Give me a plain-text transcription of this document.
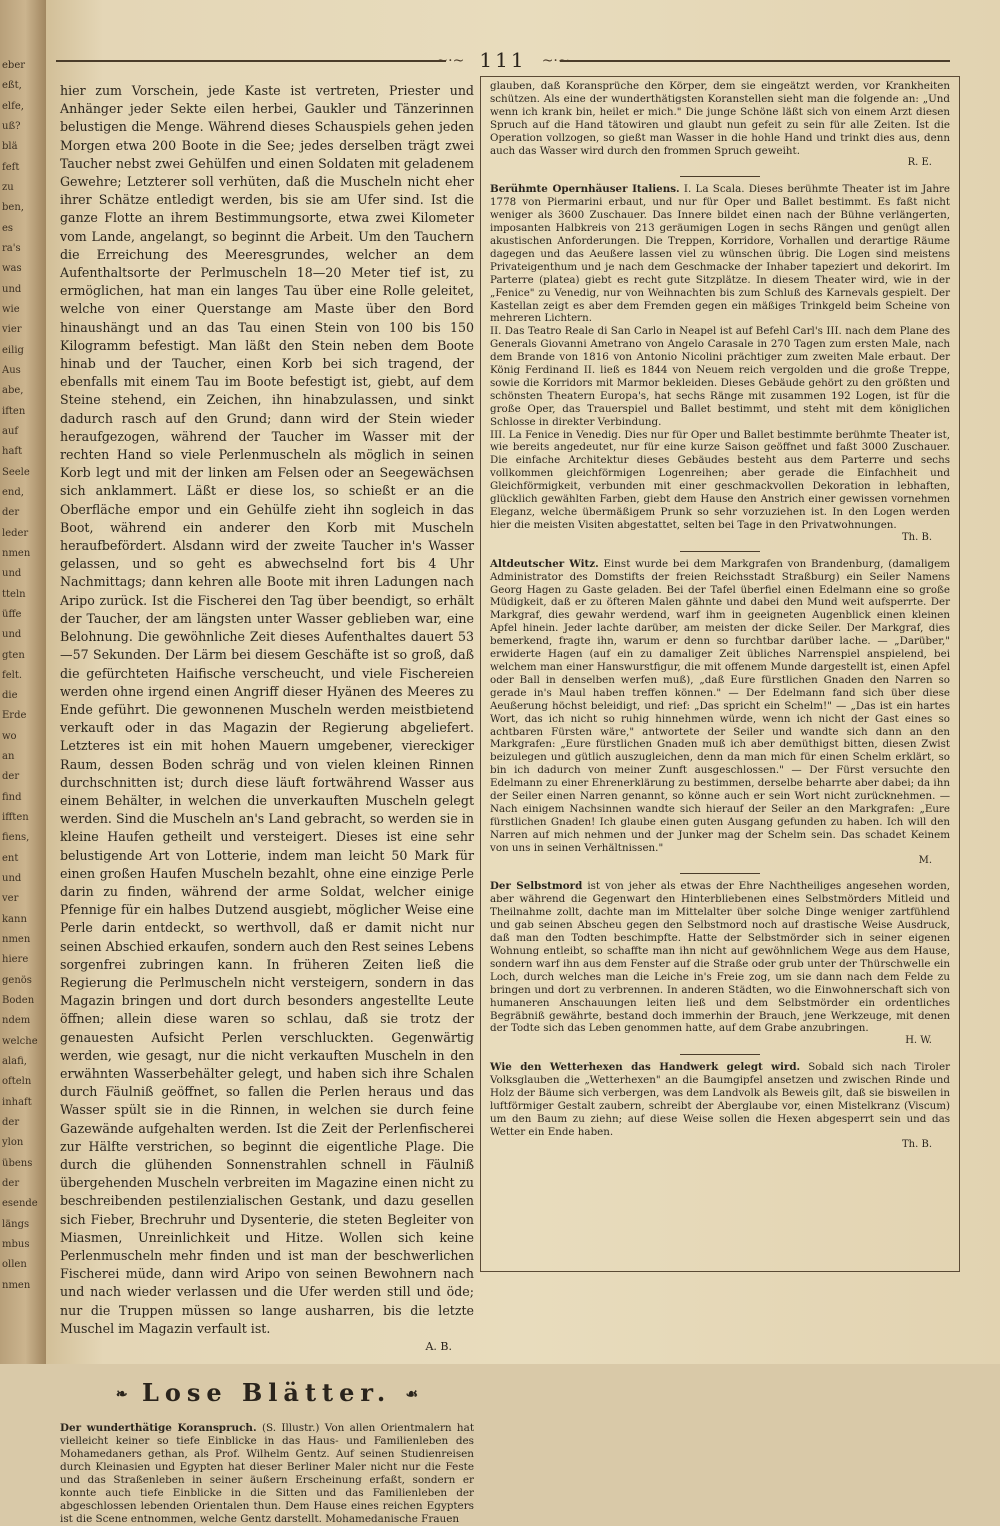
eber
eßt,
elfe,
uß?
blä
feft
zu
ben,
es
ra's
was
und
wie
vier
eilig
Aus
abe,
iften
auf
haft
Seele
end,
der
leder
nmen
und
tteln
üffe
und
gten
felt.
die
Erde
wo
an
der
find
ifften
fiens,
ent
und
ver
kann
nmen
hiere
genös
Boden
ndem
welche
alafi,
ofteln
inhaft
der
ylon
übens
der
esende
längs
mbus
ollen
nmen
~·~ 111 ~·~

hier zum Vorschein, jede Kaste ist vertreten, Priester und Anhänger jeder Sekte eilen herbei, Gaukler und Tänzerinnen belustigen die Menge. Während dieses Schauspiels gehen jeden Morgen etwa 200 Boote in die See; jedes derselben trägt zwei Taucher nebst zwei Gehülfen und einen Soldaten mit geladenem Gewehre; Letzterer soll verhüten, daß die Muscheln nicht eher ihrer Schätze entledigt werden, bis sie am Ufer sind. Ist die ganze Flotte an ihrem Bestimmungsorte, etwa zwei Kilometer vom Lande, angelangt, so beginnt die Arbeit. Um den Tauchern die Erreichung des Meeresgrundes, welcher an dem Aufenthaltsorte der Perlmuscheln 18—20 Meter tief ist, zu ermöglichen, hat man ein langes Tau über eine Rolle geleitet, welche von einer Querstange am Maste über den Bord hinaushängt und an das Tau einen Stein von 100 bis 150 Kilogramm befestigt. Man läßt den Stein neben dem Boote hinab und der Taucher, einen Korb bei sich tragend, der ebenfalls mit einem Tau im Boote befestigt ist, giebt, auf dem Steine stehend, ein Zeichen, ihn hinabzulassen, und sinkt dadurch rasch auf den Grund; dann wird der Stein wieder heraufgezogen, während der Taucher im Wasser mit der rechten Hand so viele Perlenmuscheln als möglich in seinen Korb legt und mit der linken am Felsen oder an Seegewächsen sich anklammert. Läßt er diese los, so schießt er an die Oberfläche empor und ein Gehülfe zieht ihn sogleich in das Boot, während ein anderer den Korb mit Muscheln heraufbefördert. Alsdann wird der zweite Taucher in's Wasser gelassen, und so geht es abwechselnd fort bis 4 Uhr Nachmittags; dann kehren alle Boote mit ihren Ladungen nach Aripo zurück. Ist die Fischerei den Tag über beendigt, so erhält der Taucher, der am längsten unter Wasser geblieben war, eine Belohnung. Die gewöhnliche Zeit dieses Aufenthaltes dauert 53—57 Sekunden. Der Lärm bei diesem Geschäfte ist so groß, daß die gefürchteten Haifische verscheucht, und viele Fischereien werden ohne irgend einen Angriff dieser Hyänen des Meeres zu Ende geführt. Die gewonnenen Muscheln werden meistbietend verkauft oder in das Magazin der Regierung abgeliefert. Letzteres ist ein mit hohen Mauern umgebener, viereckiger Raum, dessen Boden schräg und von vielen kleinen Rinnen durchschnitten ist; durch diese läuft fortwährend Wasser aus einem Behälter, in welchen die unverkauften Muscheln gelegt werden. Sind die Muscheln an's Land gebracht, so werden sie in kleine Haufen getheilt und versteigert. Dieses ist eine sehr belustigende Art von Lotterie, indem man leicht 50 Mark für einen großen Haufen Muscheln bezahlt, ohne eine einzige Perle darin zu finden, während der arme Soldat, welcher einige Pfennige für ein halbes Dutzend ausgiebt, möglicher Weise eine Perle darin entdeckt, so werthvoll, daß er damit nicht nur seinen Abschied erkaufen, sondern auch den Rest seines Lebens sorgenfrei zubringen kann. In früheren Zeiten ließ die Regierung die Perlmuscheln nicht versteigern, sondern in das Magazin bringen und dort durch besonders angestellte Leute öffnen; allein diese waren so schlau, daß sie trotz der genauesten Aufsicht Perlen verschluckten. Gegenwärtig werden, wie gesagt, nur die nicht verkauften Muscheln in den erwähnten Wasserbehälter gelegt, und haben sich ihre Schalen durch Fäulniß geöffnet, so fallen die Perlen heraus und das Wasser spült sie in die Rinnen, in welchen sie durch feine Gazewände aufgehalten werden. Ist die Zeit der Perlenfischerei zur Hälfte verstrichen, so beginnt die eigentliche Plage. Die durch die glühenden Sonnenstrahlen schnell in Fäulniß übergehenden Muscheln verbreiten im Magazine einen nicht zu beschreibenden pestilenzialischen Gestank, und dazu gesellen sich Fieber, Brechruhr und Dysenterie, die steten Begleiter von Miasmen, Unreinlichkeit und Hitze. Wollen sich keine Perlenmuscheln mehr finden und ist man der beschwerlichen Fischerei müde, dann wird Aripo von seinen Bewohnern nach und nach wieder verlassen und die Ufer werden still und öde; nur die Truppen müssen so lange ausharren, bis die letzte Muschel im Magazin verfault ist.

A. B.
❧ Lose Blätter. ☙

Der wunderthätige Koranspruch. (S. Illustr.) Von allen Orientmalern hat vielleicht keiner so tiefe Einblicke in das Haus- und Familienleben des Mohamedaners gethan, als Prof. Wilhelm Gentz. Auf seinen Studienreisen durch Kleinasien und Egypten hat dieser Berliner Maler nicht nur die Feste und das Straßenleben in seiner äußern Erscheinung erfaßt, sondern er konnte auch tiefe Einblicke in die Sitten und das Familienleben der abgeschlossen lebenden Orientalen thun. Dem Hause eines reichen Egypters ist die Scene entnommen, welche Gentz darstellt. Mohamedanische Frauen

glauben, daß Koransprüche den Körper, dem sie eingeätzt werden, vor Krankheiten schützen. Als eine der wunderthätigsten Koranstellen sieht man die folgende an: „Und wenn ich krank bin, heilet er mich." Die junge Schöne läßt sich von einem Arzt diesen Spruch auf die Hand tätowiren und glaubt nun gefeit zu sein für alle Zeiten. Ist die Operation vollzogen, so gießt man Wasser in die hohle Hand und trinkt dies aus, denn auch das Wasser wird durch den frommen Spruch geweiht.

R. E.

Berühmte Opernhäuser Italiens. I. La Scala. Dieses berühmte Theater ist im Jahre 1778 von Piermarini erbaut, und nur für Oper und Ballet bestimmt. Es faßt nicht weniger als 3600 Zuschauer. Das Innere bildet einen nach der Bühne verlängerten, imposanten Halbkreis von 213 geräumigen Logen in sechs Rängen und genügt allen akustischen Anforderungen. Die Treppen, Korridore, Vorhallen und derartige Räume dagegen und das Aeußere lassen viel zu wünschen übrig. Die Logen sind meistens Privateigenthum und je nach dem Geschmacke der Inhaber tapeziert und dekorirt. Im Parterre (platea) giebt es recht gute Sitzplätze. In diesem Theater wird, wie in der „Fenice" zu Venedig, nur von Weihnachten bis zum Schluß des Karnevals gespielt. Der Kastellan zeigt es aber dem Fremden gegen ein mäßiges Trinkgeld beim Scheine von mehreren Lichtern.

II. Das Teatro Reale di San Carlo in Neapel ist auf Befehl Carl's III. nach dem Plane des Generals Giovanni Ametrano von Angelo Carasale in 270 Tagen zum ersten Male, nach dem Brande von 1816 von Antonio Nicolini prächtiger zum zweiten Male erbaut. Der König Ferdinand II. ließ es 1844 von Neuem reich vergolden und die große Treppe, sowie die Korridors mit Marmor bekleiden. Dieses Gebäude gehört zu den größten und schönsten Theatern Europa's, hat sechs Ränge mit zusammen 192 Logen, ist für die große Oper, das Trauerspiel und Ballet bestimmt, und steht mit dem königlichen Schlosse in direkter Verbindung.

III. La Fenice in Venedig. Dies nur für Oper und Ballet bestimmte berühmte Theater ist, wie bereits angedeutet, nur für eine kurze Saison geöffnet und faßt 3000 Zuschauer. Die einfache Architektur dieses Gebäudes besteht aus dem Parterre und sechs vollkommen gleichförmigen Logenreihen; aber gerade die Einfachheit und Gleichförmigkeit, verbunden mit einer geschmackvollen Dekoration in lebhaften, glücklich gewählten Farben, giebt dem Hause den Anstrich einer gewissen vornehmen Eleganz, welche übermäßigem Prunk so sehr vorzuziehen ist. In den Logen werden hier die meisten Visiten abgestattet, selten bei Tage in den Privatwohnungen.

Th. B.

Altdeutscher Witz. Einst wurde bei dem Markgrafen von Brandenburg, (damaligem Administrator des Domstifts der freien Reichsstadt Straßburg) ein Seiler Namens Georg Hagen zu Gaste geladen. Bei der Tafel überfiel einen Edelmann eine so große Müdigkeit, daß er zu öfteren Malen gähnte und dabei den Mund weit aufsperrte. Der Markgraf, dies gewahr werdend, warf ihm in geeigneten Augenblick einen kleinen Apfel hinein. Jeder lachte darüber, am meisten der dicke Seiler. Der Markgraf, dies bemerkend, fragte ihn, warum er denn so furchtbar darüber lache. — „Darüber," erwiderte Hagen (auf ein zu damaliger Zeit übliches Narrenspiel anspielend, bei welchem man einer Hanswurstfigur, die mit offenem Munde dargestellt ist, einen Apfel oder Ball in denselben werfen muß), „daß Eure fürstlichen Gnaden den Narren so gerade in's Maul haben treffen können." — Der Edelmann fand sich über diese Aeußerung höchst beleidigt, und rief: „Das spricht ein Schelm!" — „Das ist ein hartes Wort, das ich nicht so ruhig hinnehmen würde, wenn ich nicht der Gast eines so achtbaren Fürsten wäre," antwortete der Seiler und wandte sich dann an den Markgrafen: „Eure fürstlichen Gnaden muß ich aber demüthigst bitten, diesen Zwist beizulegen und gütlich auszugleichen, denn da man mich für einen Schelm erklärt, so bin ich dadurch von meiner Zunft ausgeschlossen." — Der Fürst versuchte den Edelmann zu einer Ehrenerklärung zu bestimmen, derselbe beharrte aber dabei; da ihn der Seiler einen Narren genannt, so könne auch er sein Wort nicht zurücknehmen. — Nach einigem Nachsinnen wandte sich hierauf der Seiler an den Markgrafen: „Eure fürstlichen Gnaden! Ich glaube einen guten Ausgang gefunden zu haben. Ich will den Narren auf mich nehmen und der Junker mag der Schelm sein. Das schadet Keinem von uns in seinen Verhältnissen."

M.

Der Selbstmord ist von jeher als etwas der Ehre Nachtheiliges angesehen worden, aber während die Gegenwart den Hinterbliebenen eines Selbstmörders Mitleid und Theilnahme zollt, dachte man im Mittelalter über solche Dinge weniger zartfühlend und gab seinen Abscheu gegen den Selbstmord noch auf drastische Weise Ausdruck, daß man den Todten beschimpfte. Hatte der Selbstmörder sich in seiner eigenen Wohnung entleibt, so schaffte man ihn nicht auf gewöhnlichem Wege aus dem Hause, sondern warf ihn aus dem Fenster auf die Straße oder grub unter der Thürschwelle ein Loch, durch welches man die Leiche in's Freie zog, um sie dann nach dem Felde zu bringen und dort zu verbrennen. In anderen Städten, wo die Einwohnerschaft sich von humaneren Anschauungen leiten ließ und dem Selbstmörder ein ordentliches Begräbniß gewährte, bestand doch immerhin der Brauch, jene Werkzeuge, mit denen der Todte sich das Leben genommen hatte, auf dem Grabe anzubringen.

H. W.

Wie den Wetterhexen das Handwerk gelegt wird. Sobald sich nach Tiroler Volksglauben die „Wetterhexen" an die Baumgipfel ansetzen und zwischen Rinde und Holz der Bäume sich verbergen, was dem Landvolk als Beweis gilt, daß sie bisweilen in luftförmiger Gestalt zaubern, schreibt der Aberglaube vor, einen Mistelkranz (Viscum) um den Baum zu ziehn; auf diese Weise sollen die Hexen abgesperrt sein und das Wetter ein Ende haben.

Th. B.
